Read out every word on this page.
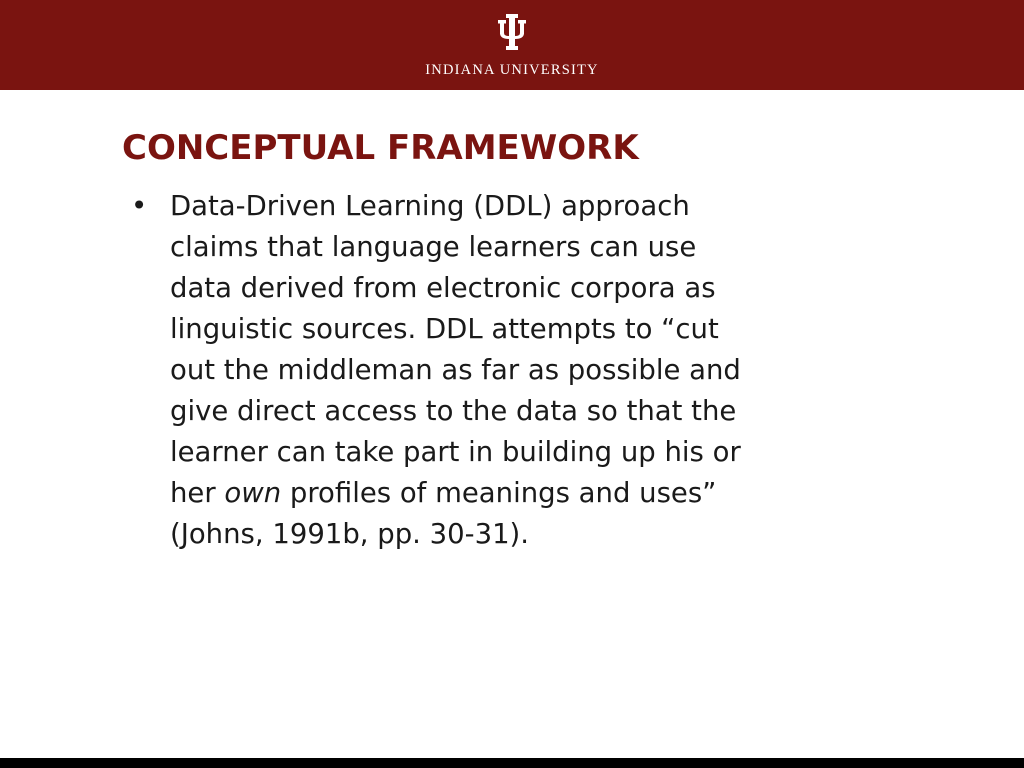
INDIANA UNIVERSITY
CONCEPTUAL FRAMEWORK
• Data-Driven Learning (DDL) approach
claims that language learners can use
data derived from electronic corpora as
linguistic sources. DDL attempts to “cut
out the middleman as far as possible and
give direct access to the data so that the
learner can take part in building up his or
her own profiles of meanings and uses”
(Johns, 1991b, pp. 30-31).
